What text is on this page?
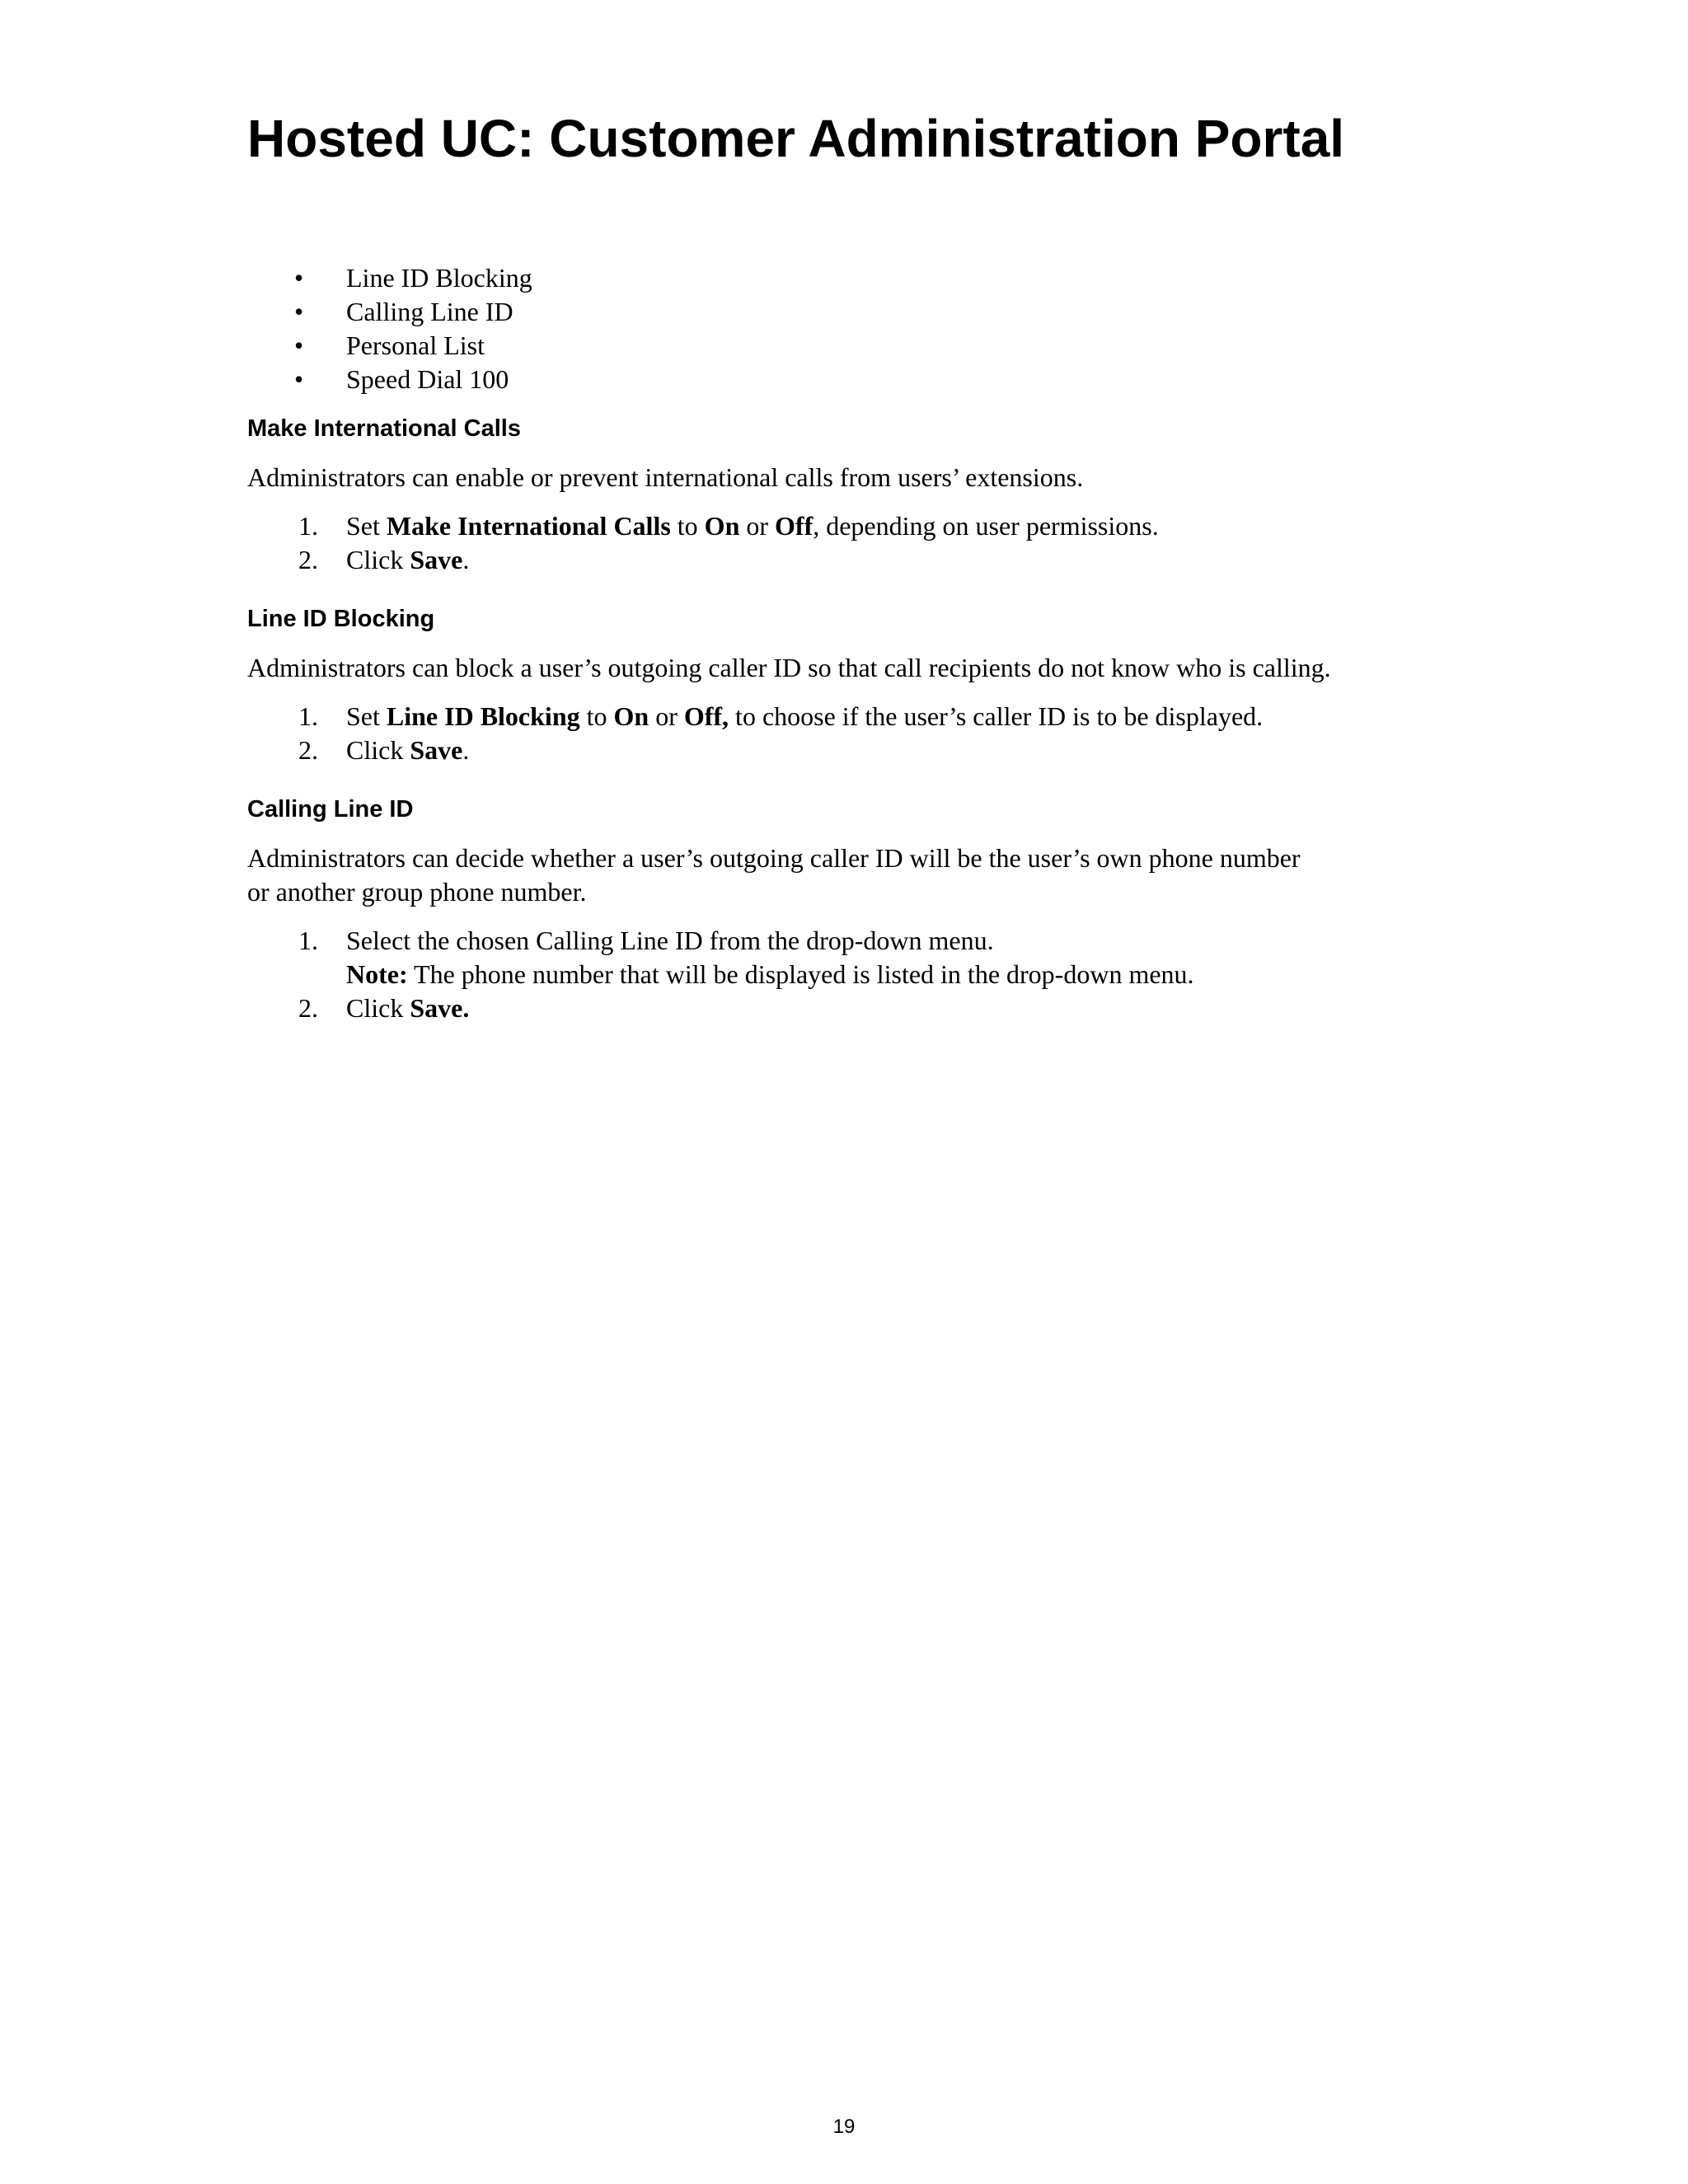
Hosted UC: Customer Administration Portal
• Line ID Blocking
• Calling Line ID
• Personal List
• Speed Dial 100
Make International Calls

Administrators can enable or prevent international calls from users’ extensions.

1. Set Make International Calls to On or Off, depending on user permissions.
2. Click Save.
Line ID Blocking

Administrators can block a user’s outgoing caller ID so that call recipients do not know who is calling.

1. Set Line ID Blocking to On or Off, to choose if the user’s caller ID is to be displayed.
2. Click Save.
Calling Line ID
Administrators can decide whether a user’s outgoing caller ID will be the user’s own phone number
or another group phone number.
1. Select the chosen Calling Line ID from the drop-down menu.
Note: The phone number that will be displayed is listed in the drop-down menu.
2. Click Save.
19
